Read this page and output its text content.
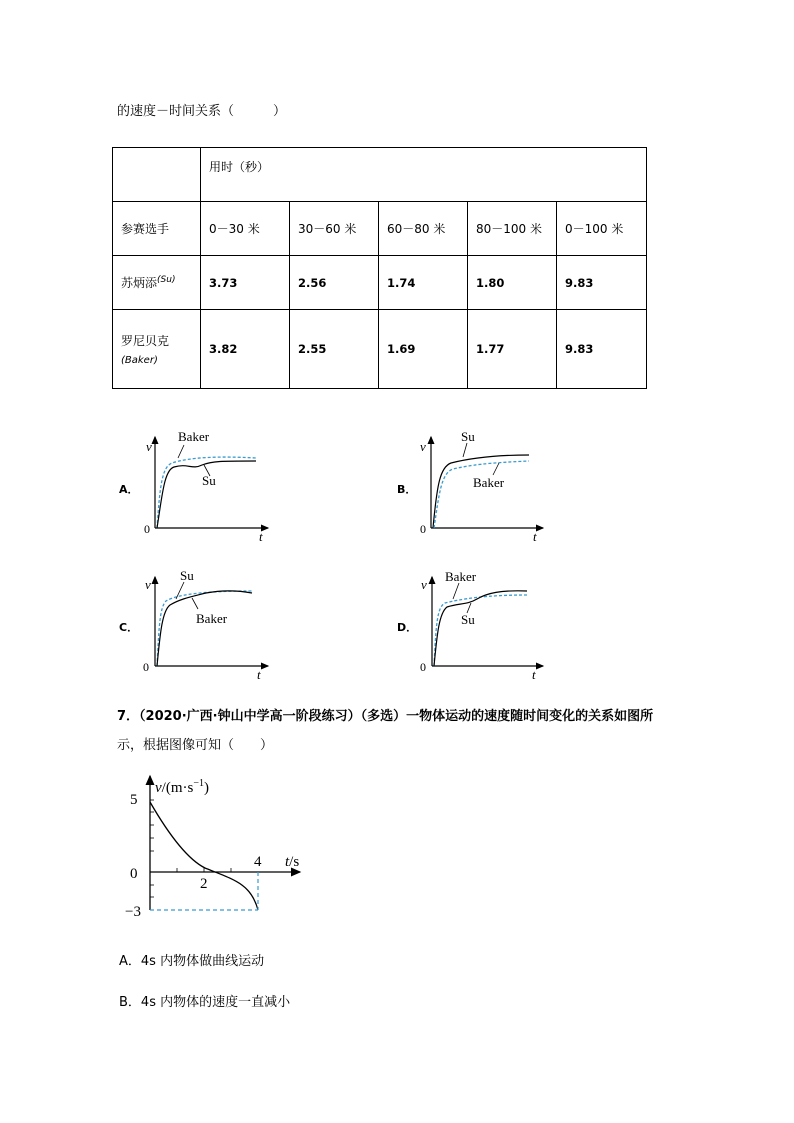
的速度－时间关系（　　　）
	用时（秒）				
参赛选手	0－30 米	30－60 米	60－80 米	80－100 米	0－100 米
苏炳添$^{(Su)}$	3.73	2.56	1.74	1.80	9.83

罗尼贝克
(Baker)	3.82	2.55	1.69	1.77	9.83
A．
v
t
0
Baker
Su
B．
v
t
0
Su
Baker
C．
v
t
0
Su
Baker
D．
v
t
0
Baker
Su
7．（2020·广西·钟山中学高一阶段练习）（多选）一物体运动的速度随时间变化的关系如图所
示，根据图像可知（　　）
$v/(m\cdot s^{-1})$
t/s
5
0
−3
2
4
A．4s 内物体做曲线运动
B．4s 内物体的速度一直减小
